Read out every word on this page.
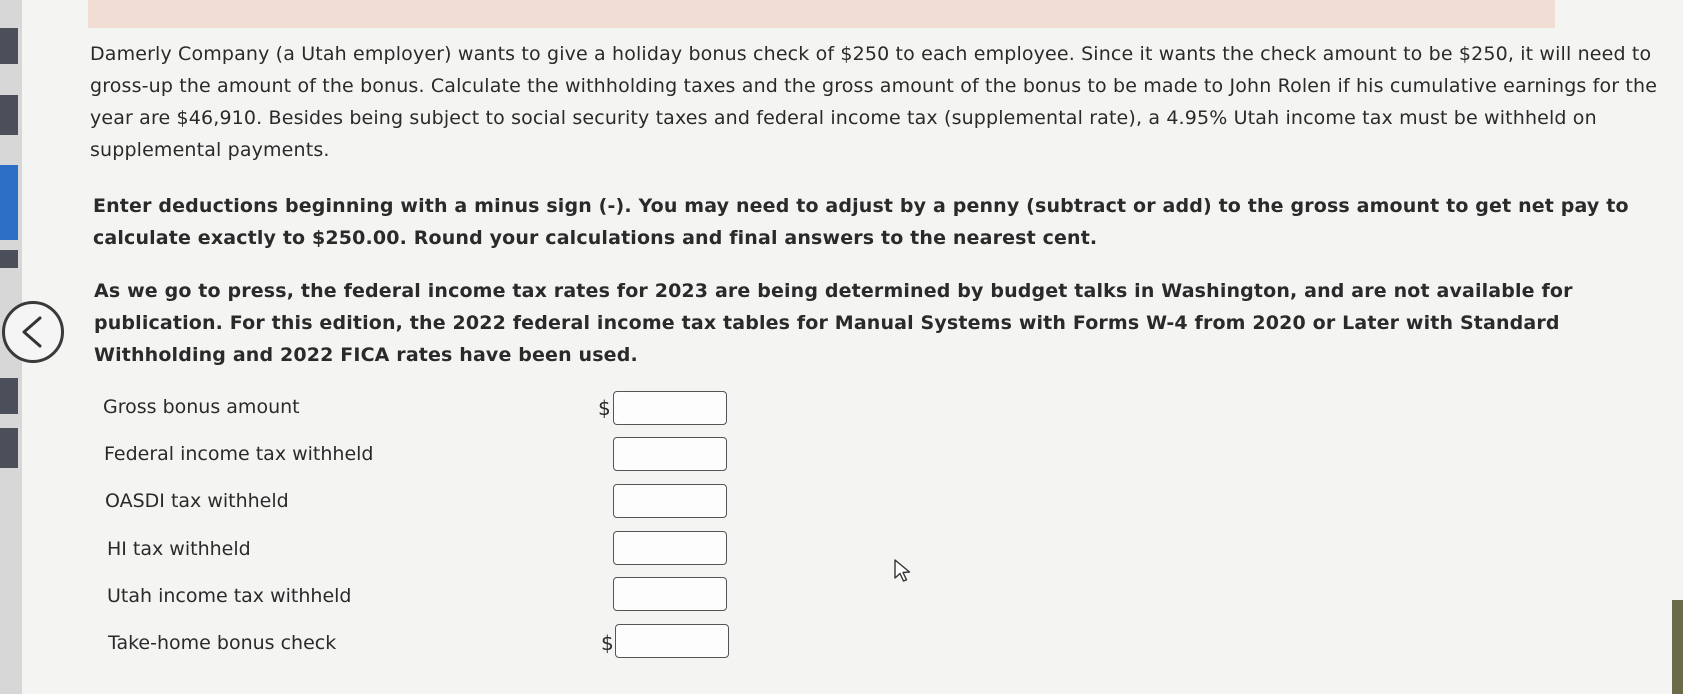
Damerly Company (a Utah employer) wants to give a holiday bonus check of $250 to each employee. Since it wants the check amount to be $250, it will need to gross-up the amount of the bonus. Calculate the withholding taxes and the gross amount of the bonus to be made to John Rolen if his cumulative earnings for the year are $46,910. Besides being subject to social security taxes and federal income tax (supplemental rate), a 4.95% Utah income tax must be withheld on supplemental payments.

Enter deductions beginning with a minus sign (-). You may need to adjust by a penny (subtract or add) to the gross amount to get net pay to calculate exactly to $250.00. Round your calculations and final answers to the nearest cent.

As we go to press, the federal income tax rates for 2023 are being determined by budget talks in Washington, and are not available for publication. For this edition, the 2022 federal income tax tables for Manual Systems with Forms W-4 from 2020 or Later with Standard Withholding and 2022 FICA rates have been used.

Gross bonus amount	$
Federal income tax withheld
OASDI tax withheld
HI tax withheld
Utah income tax withheld
Take-home bonus check	$
